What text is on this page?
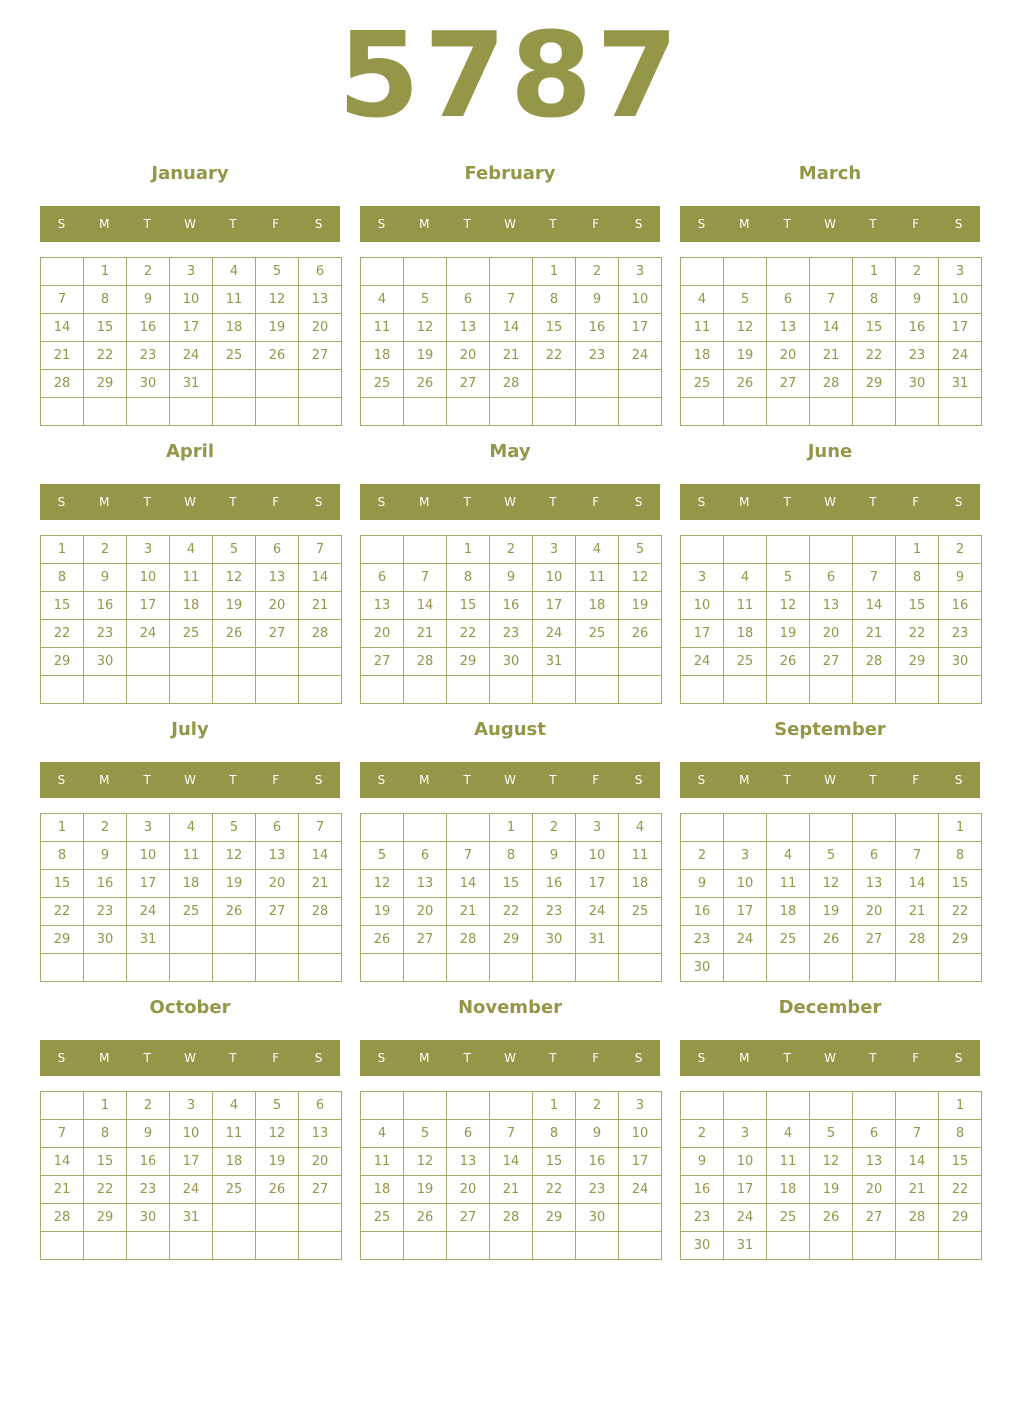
5787
January
S	M	T	W	T	F	S
	1	2	3	4	5	6
7	8	9	10	11	12	13
14	15	16	17	18	19	20
21	22	23	24	25	26	27
28	29	30	31			

February
S	M	T	W	T	F	S
				1	2	3
4	5	6	7	8	9	10
11	12	13	14	15	16	17
18	19	20	21	22	23	24
25	26	27	28			

March
S	M	T	W	T	F	S
				1	2	3
4	5	6	7	8	9	10
11	12	13	14	15	16	17
18	19	20	21	22	23	24
25	26	27	28	29	30	31

April
S	M	T	W	T	F	S
1	2	3	4	5	6	7
8	9	10	11	12	13	14
15	16	17	18	19	20	21
22	23	24	25	26	27	28
29	30					

May
S	M	T	W	T	F	S
		1	2	3	4	5
6	7	8	9	10	11	12
13	14	15	16	17	18	19
20	21	22	23	24	25	26
27	28	29	30	31		

June
S	M	T	W	T	F	S
					1	2
3	4	5	6	7	8	9
10	11	12	13	14	15	16
17	18	19	20	21	22	23
24	25	26	27	28	29	30

July
S	M	T	W	T	F	S
1	2	3	4	5	6	7
8	9	10	11	12	13	14
15	16	17	18	19	20	21
22	23	24	25	26	27	28
29	30	31				

August
S	M	T	W	T	F	S
			1	2	3	4
5	6	7	8	9	10	11
12	13	14	15	16	17	18
19	20	21	22	23	24	25
26	27	28	29	30	31	

September
S	M	T	W	T	F	S
						1
2	3	4	5	6	7	8
9	10	11	12	13	14	15
16	17	18	19	20	21	22
23	24	25	26	27	28	29
30						
October
S	M	T	W	T	F	S
	1	2	3	4	5	6
7	8	9	10	11	12	13
14	15	16	17	18	19	20
21	22	23	24	25	26	27
28	29	30	31			

November
S	M	T	W	T	F	S
				1	2	3
4	5	6	7	8	9	10
11	12	13	14	15	16	17
18	19	20	21	22	23	24
25	26	27	28	29	30	

December
S	M	T	W	T	F	S
						1
2	3	4	5	6	7	8
9	10	11	12	13	14	15
16	17	18	19	20	21	22
23	24	25	26	27	28	29
30	31					
